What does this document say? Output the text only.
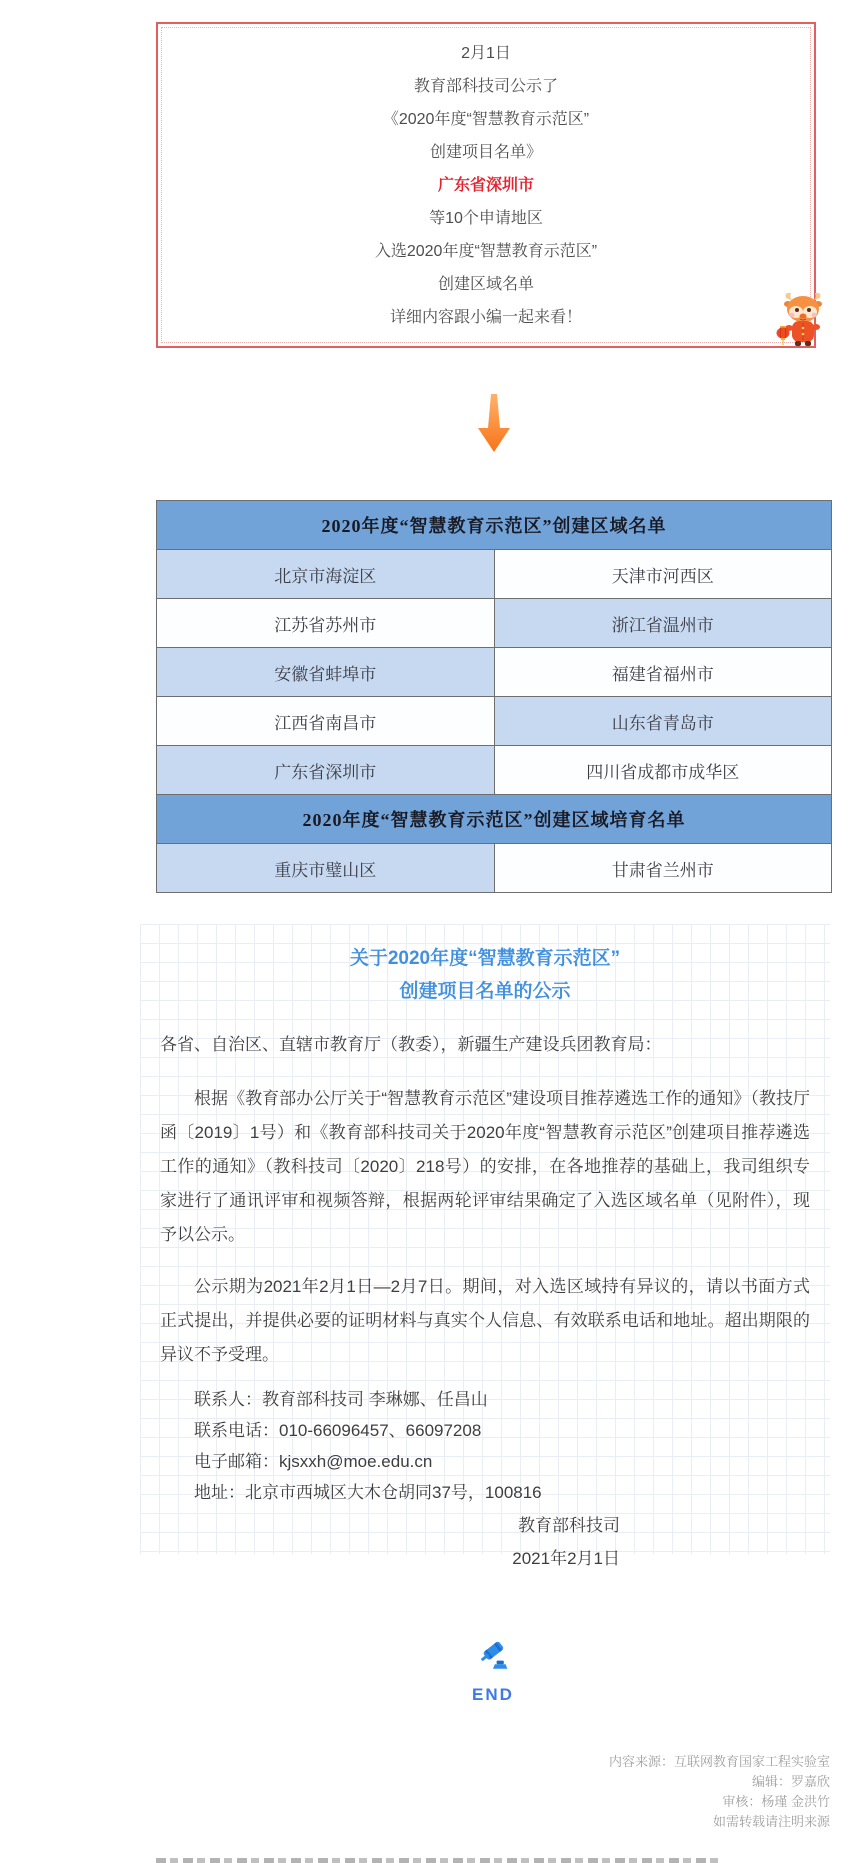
2月1日
教育部科技司公示了
《2020年度“智慧教育示范区”
创建项目名单》
广东省深圳市
等10个申请地区
入选2020年度“智慧教育示范区”
创建区域名单
详细内容跟小编一起来看！
2020年度“智慧教育示范区”创建区域名单	
北京市海淀区	天津市河西区
江苏省苏州市	浙江省温州市
安徽省蚌埠市	福建省福州市
江西省南昌市	山东省青岛市
广东省深圳市	四川省成都市成华区
2020年度“智慧教育示范区”创建区域培育名单	
重庆市璧山区	甘肃省兰州市
关于2020年度“智慧教育示范区”
创建项目名单的公示
各省、自治区、直辖市教育厅（教委），新疆生产建设兵团教育局：
根据《教育部办公厅关于“智慧教育示范区”建设项目推荐遴选工作的通知》（教技厅函〔2019〕1号）和《教育部科技司关于2020年度“智慧教育示范区”创建项目推荐遴选工作的通知》（教科技司〔2020〕218号）的安排，在各地推荐的基础上，我司组织专家进行了通讯评审和视频答辩，根据两轮评审结果确定了入选区域名单（见附件），现予以公示。
公示期为2021年2月1日—2月7日。期间，对入选区域持有异议的，请以书面方式正式提出，并提供必要的证明材料与真实个人信息、有效联系电话和地址。超出期限的异议不予受理。
联系人：教育部科技司 李琳娜、任昌山
联系电话：010-66096457、66097208
电子邮箱：kjsxxh@moe.edu.cn
地址：北京市西城区大木仓胡同37号，100816
教育部科技司
2021年2月1日
END
内容来源：互联网教育国家工程实验室
编辑：罗嘉欣
审核：杨瑾 金洪竹
如需转载请注明来源
